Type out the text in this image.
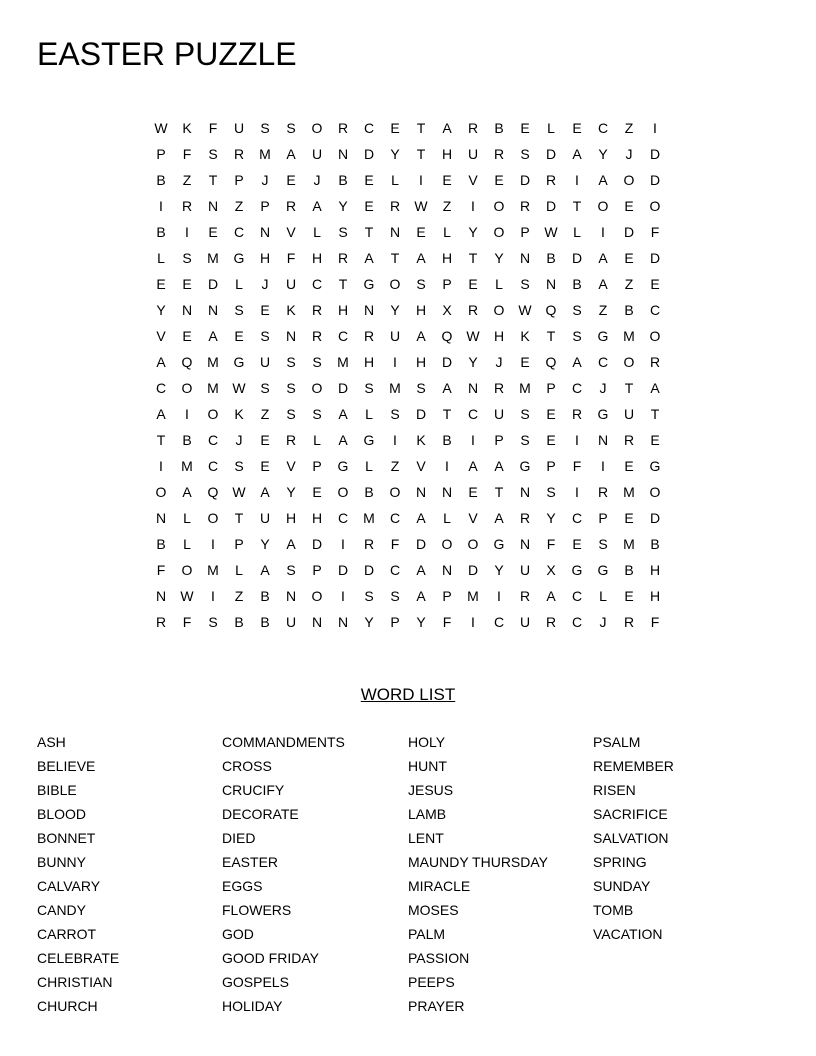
EASTER PUZZLE
W	K	F	U	S	S	O	R	C	E	T	A	R	B	E	L	E	C	Z	I
P	F	S	R	M	A	U	N	D	Y	T	H	U	R	S	D	A	Y	J	D
B	Z	T	P	J	E	J	B	E	L	I	E	V	E	D	R	I	A	O	D
I	R	N	Z	P	R	A	Y	E	R	W	Z	I	O	R	D	T	O	E	O
B	I	E	C	N	V	L	S	T	N	E	L	Y	O	P	W	L	I	D	F
L	S	M	G	H	F	H	R	A	T	A	H	T	Y	N	B	D	A	E	D
E	E	D	L	J	U	C	T	G	O	S	P	E	L	S	N	B	A	Z	E
Y	N	N	S	E	K	R	H	N	Y	H	X	R	O W Q	S	Z	B	C
V	E	A	E	S	N	R	C	R	U	A	Q W	H	K	T	S	G	M	O
A	Q	M	G	U	S	S	M	H	I	H	D	Y	J	E	Q	A	C	O	R
C	O	M W	S	S	O	D	S	M	S	A	N	R	M	P	C	J	T	A
A	I	O	K	Z	S	S	A	L	S	D	T	C	U	S	E	R	G	U	T
T	B	C	J	E	R	L	A	G	I	K	B	I	P	S	E	I	N	R	E
I	M	C	S	E	V	P	G	L	Z	V	I	A	A	G	P	F	I	E	G
O	A	Q W	A	Y	E	O	B	O	N	N	E	T	N	S	I	R	M	O
N	L	O	T	U	H	H	C	M	C	A	L	V	A	R	Y	C	P	E	D
B	L	I	P	Y	A	D	I	R	F	D	O	O	G	N	F	E	S	M	B
F	O	M	L	A	S	P	D	D	C	A	N	D	Y	U	X	G	G	B	H
N	W	I	Z	B	N	O	I	S	S	A	P	M	I	R	A	C	L	E	H
R	F	S	B	B	U	N	N	Y	P	Y	F	I	C	U	R	C	J	R	F
WORD LIST
ASH
BELIEVE
BIBLE
BLOOD
BONNET
BUNNY
CALVARY
CANDY
CARROT
CELEBRATE
CHRISTIAN
CHURCH
COMMANDMENTS
CROSS
CRUCIFY
DECORATE
DIED
EASTER
EGGS
FLOWERS
GOD
GOOD FRIDAY
GOSPELS
HOLIDAY
HOLY
HUNT
JESUS
LAMB
LENT
MAUNDY THURSDAY
MIRACLE
MOSES
PALM
PASSION
PEEPS
PRAYER
PSALM
REMEMBER
RISEN
SACRIFICE
SALVATION
SPRING
SUNDAY
TOMB
VACATION
